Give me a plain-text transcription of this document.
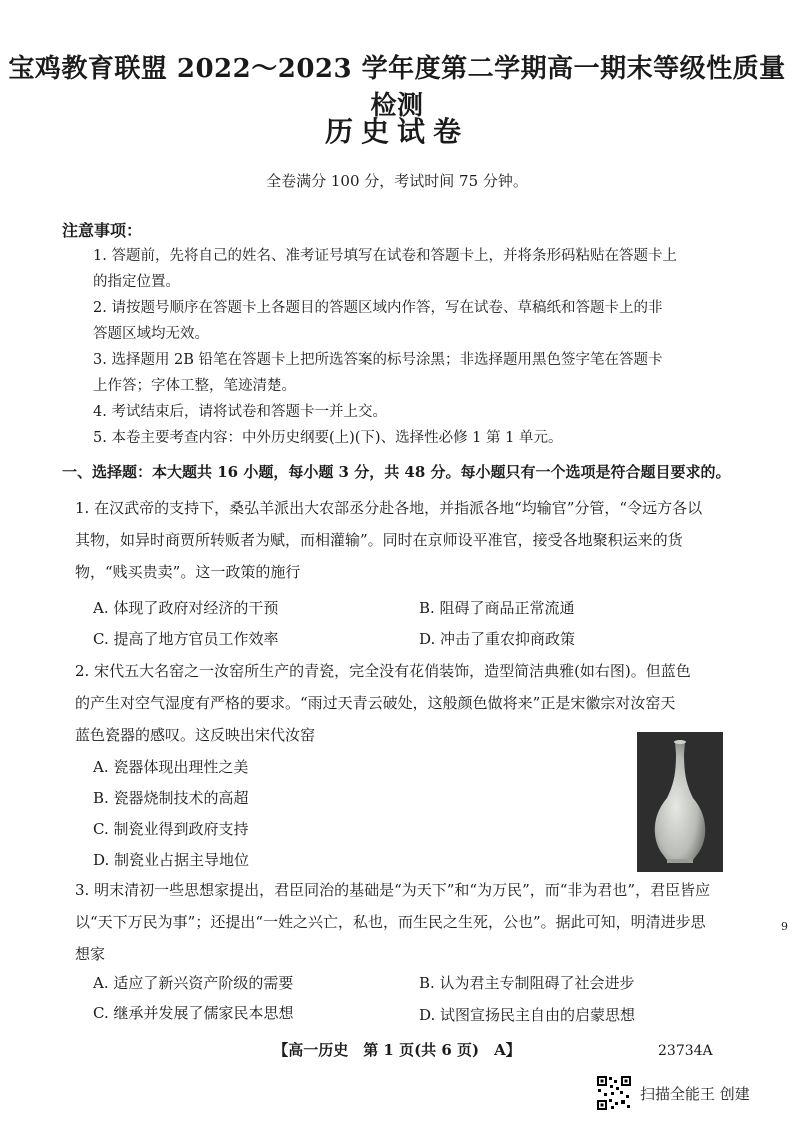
宝鸡教育联盟 2022～2023 学年度第二学期高一期末等级性质量检测
历史试卷
全卷满分 100 分，考试时间 75 分钟。
注意事项：

1. 答题前，先将自己的姓名、准考证号填写在试卷和答题卡上，并将条形码粘贴在答题卡上

的指定位置。

2. 请按题号顺序在答题卡上各题目的答题区域内作答，写在试卷、草稿纸和答题卡上的非

答题区域均无效。

3. 选择题用 2B 铅笔在答题卡上把所选答案的标号涂黑；非选择题用黑色签字笔在答题卡

上作答；字体工整，笔迹清楚。

4. 考试结束后，请将试卷和答题卡一并上交。

5. 本卷主要考查内容：中外历史纲要(上)(下)、选择性必修 1 第 1 单元。

一、选择题：本大题共 16 小题，每小题 3 分，共 48 分。每小题只有一个选项是符合题目要求的。

1. 在汉武帝的支持下，桑弘羊派出大农部丞分赴各地，并指派各地“均输官”分管，“令远方各以

其物，如异时商贾所转贩者为赋，而相灌输”。同时在京师设平准官，接受各地聚积运来的货

物，“贱买贵卖”。这一政策的施行

A. 体现了政府对经济的干预	B. 阻碍了商品正常流通
C. 提高了地方官员工作效率	D. 冲击了重农抑商政策

2. 宋代五大名窑之一汝窑所生产的青瓷，完全没有花俏装饰，造型简洁典雅(如右图)。但蓝色

的产生对空气湿度有严格的要求。“雨过天青云破处，这般颜色做将来”正是宋徽宗对汝窑天

蓝色瓷器的感叹。这反映出宋代汝窑

A. 瓷器体现出理性之美
B. 瓷器烧制技术的高超
C. 制瓷业得到政府支持
D. 制瓷业占据主导地位

3. 明末清初一些思想家提出，君臣同治的基础是“为天下”和“为万民”，而“非为君也”，君臣皆应

以“天下万民为事”；还提出“一姓之兴亡，私也，而生民之生死，公也”。据此可知，明清进步思

想家

A. 适应了新兴资产阶级的需要	B. 认为君主专制阻碍了社会进步
C. 继承并发展了儒家民本思想	D. 试图宣扬民主自由的启蒙思想
9
【高一历史　第 1 页(共 6 页)　A】	23734A
扫描全能王 创建
